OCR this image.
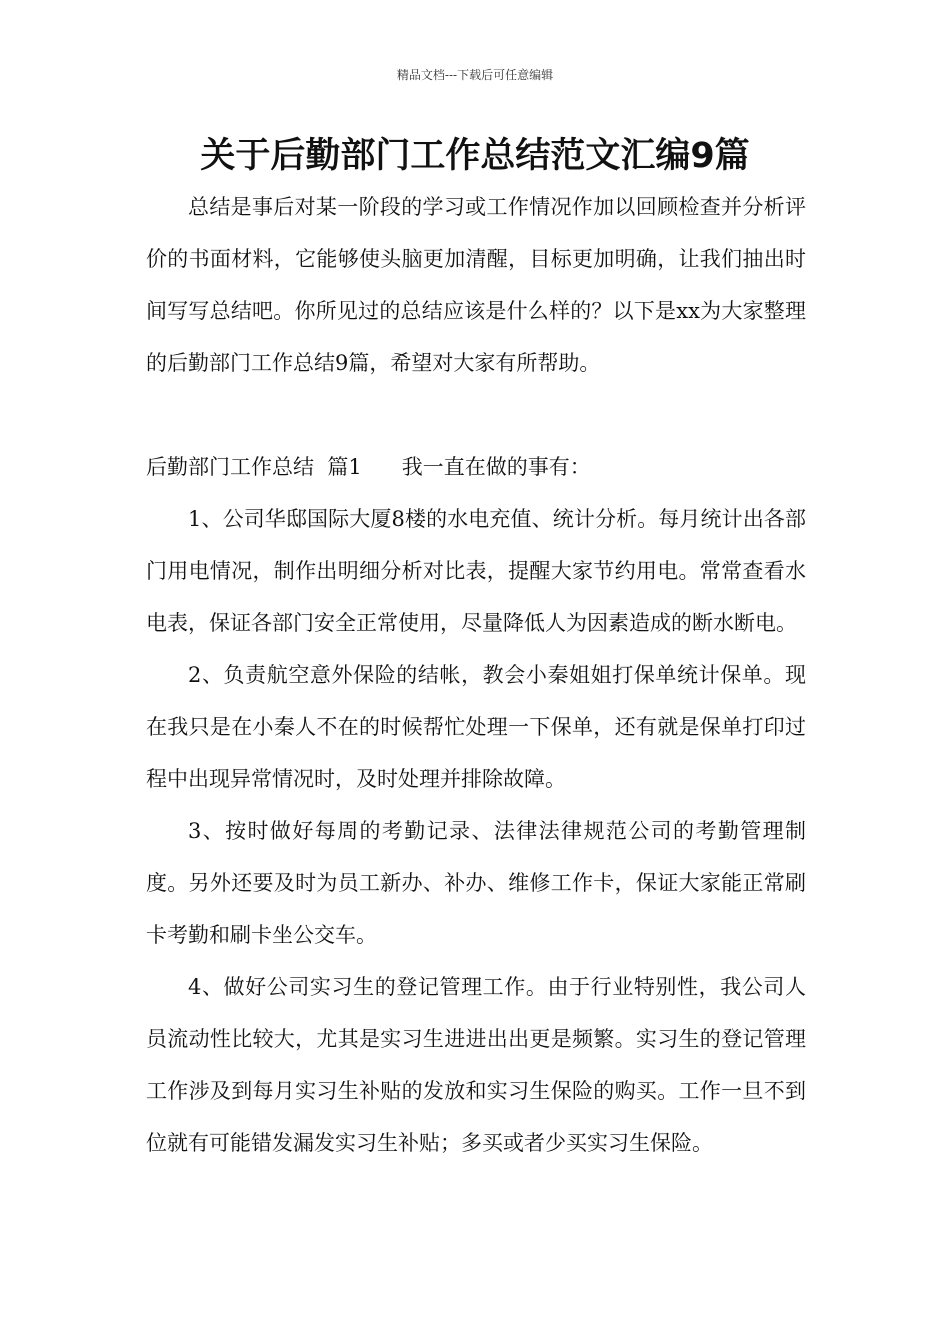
精品文档---下载后可任意编辑
关于后勤部门工作总结范文汇编9篇

总结是事后对某一阶段的学习或工作情况作加以回顾检查并分析评价的书面材料，它能够使头脑更加清醒，目标更加明确，让我们抽出时间写写总结吧。你所见过的总结应该是什么样的？以下是xx为大家整理的后勤部门工作总结9篇，希望对大家有所帮助。

后勤部门工作总结  篇1 我一直在做的事有：

1、公司华邸国际大厦8楼的水电充值、统计分析。每月统计出各部门用电情况，制作出明细分析对比表，提醒大家节约用电。常常查看水电表，保证各部门安全正常使用，尽量降低人为因素造成的断水断电。

2、负责航空意外保险的结帐，教会小秦姐姐打保单统计保单。现在我只是在小秦人不在的时候帮忙处理一下保单，还有就是保单打印过程中出现异常情况时，及时处理并排除故障。

3、按时做好每周的考勤记录、法律法律规范公司的考勤管理制度。另外还要及时为员工新办、补办、维修工作卡，保证大家能正常刷卡考勤和刷卡坐公交车。

4、做好公司实习生的登记管理工作。由于行业特别性，我公司人员流动性比较大，尤其是实习生进进出出更是频繁。实习生的登记管理工作涉及到每月实习生补贴的发放和实习生保险的购买。工作一旦不到位就有可能错发漏发实习生补贴；多买或者少买实习生保险。
